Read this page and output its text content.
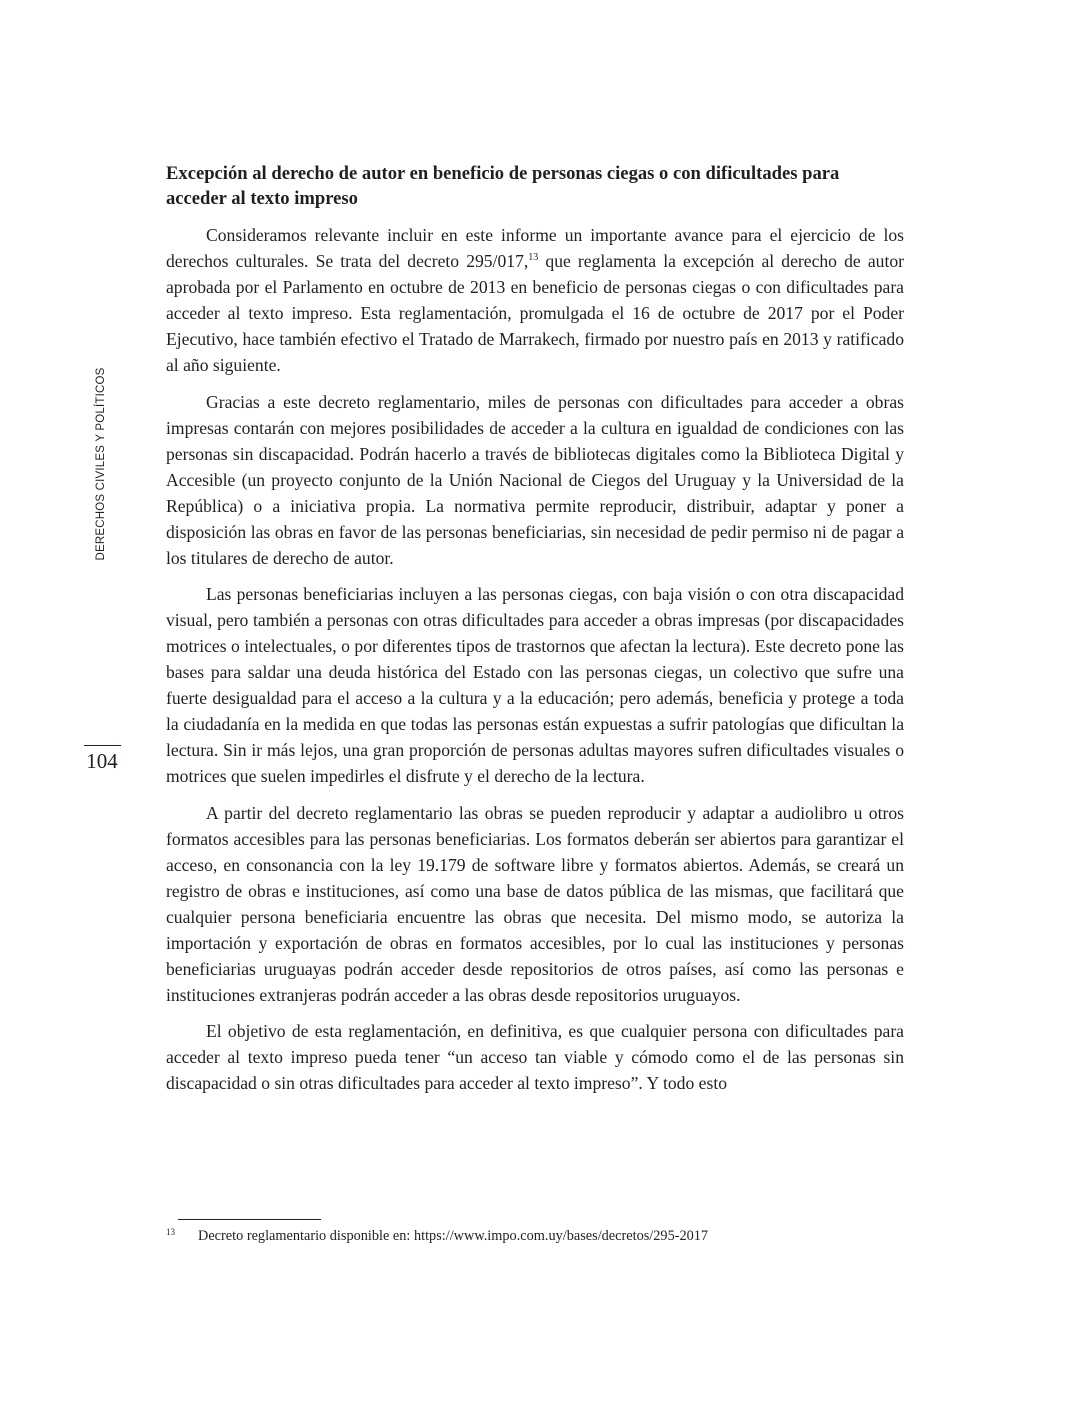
DERECHOS CIVILES Y POLÍTICOS
104
Excepción al derecho de autor en beneficio de personas ciegas o con dificultades para acceder al texto impreso

Consideramos relevante incluir en este informe un importante avance para el ejercicio de los derechos culturales. Se trata del decreto 295/017,13 que reglamenta la excepción al derecho de autor aprobada por el Parlamento en octubre de 2013 en beneficio de personas ciegas o con dificultades para acceder al texto impreso. Esta reglamentación, promulgada el 16 de octubre de 2017 por el Poder Ejecutivo, hace también efectivo el Tratado de Marrakech, firmado por nuestro país en 2013 y ratificado al año siguiente.

Gracias a este decreto reglamentario, miles de personas con dificultades para acceder a obras impresas contarán con mejores posibilidades de acceder a la cultura en igualdad de condiciones con las personas sin discapacidad. Podrán hacerlo a través de bibliotecas digitales como la Biblioteca Digital y Accesible (un proyecto conjunto de la Unión Nacional de Ciegos del Uruguay y la Universidad de la República) o a iniciativa propia. La normativa permite reproducir, distribuir, adaptar y poner a disposición las obras en favor de las personas beneficiarias, sin necesidad de pedir permiso ni de pagar a los titulares de derecho de autor.

Las personas beneficiarias incluyen a las personas ciegas, con baja visión o con otra discapacidad visual, pero también a personas con otras dificultades para acceder a obras impresas (por discapacidades motrices o intelectuales, o por diferentes tipos de trastornos que afectan la lectura). Este decreto pone las bases para saldar una deuda histórica del Estado con las personas ciegas, un colectivo que sufre una fuerte desigualdad para el acceso a la cultura y a la educación; pero además, beneficia y protege a toda la ciudadanía en la medida en que todas las personas están expuestas a sufrir patologías que dificultan la lectura. Sin ir más lejos, una gran proporción de personas adultas mayores sufren dificultades visuales o motrices que suelen impedirles el disfrute y el derecho de la lectura.

A partir del decreto reglamentario las obras se pueden reproducir y adaptar a audiolibro u otros formatos accesibles para las personas beneficiarias. Los formatos deberán ser abiertos para garantizar el acceso, en consonancia con la ley 19.179 de software libre y formatos abiertos. Además, se creará un registro de obras e instituciones, así como una base de datos pública de las mismas, que facilitará que cualquier persona beneficiaria encuentre las obras que necesita. Del mismo modo, se autoriza la importación y exportación de obras en formatos accesibles, por lo cual las instituciones y personas beneficiarias uruguayas podrán acceder desde repositorios de otros países, así como las personas e instituciones extranjeras podrán acceder a las obras desde repositorios uruguayos.

El objetivo de esta reglamentación, en definitiva, es que cualquier persona con dificultades para acceder al texto impreso pueda tener “un acceso tan viable y cómodo como el de las personas sin discapacidad o sin otras dificultades para acceder al texto impreso”. Y todo esto

13 Decreto reglamentario disponible en: https://www.impo.com.uy/bases/decretos/295-2017
